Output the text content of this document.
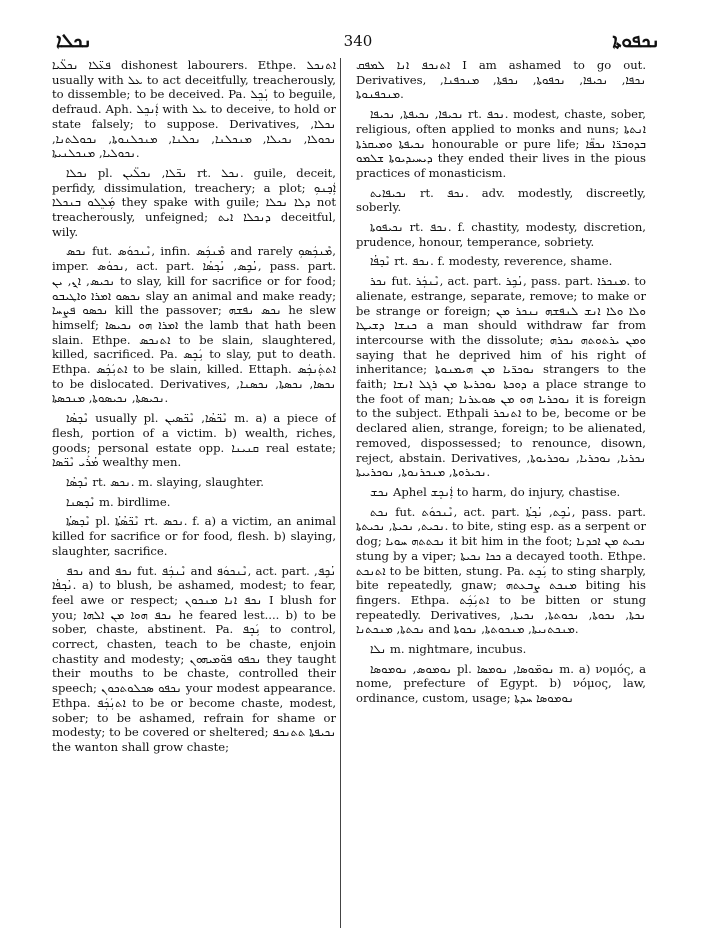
ܢܟܠܐ	340	ܢܟܦܘܬܐ

ܦܥ̈ܠܐ ܢܟܠ̈ܝܐ dishonest labourers. Ethpe. ܐܬܢܟܠ usually with ܥܠ to act deceitfully, treacherously, to dissemble; to be deceived. Pa. ܢܲܟܸܠ to beguile, defraud. Aph. ܐܲܢܟܸܠ with ܥܠ to deceive, to hold or state falsely; to suppose. Derivatives, ܢܟܠܐ, ܢܟܘܠܐ, ܢܟܝܠܐ, ܡܢܟܠܢܐ, ܢܟܠܢܐ, ܡܢܟܠܢܘܬܐ, ܢܟܘܠܬܢܐ, ܢܟܘܠܝܐ, ܡܢܟܠܢܝܬܐ.

ܢܟܠܐ pl. ܢܟ̈ܠܐ, ܢܟܠ̈ܝܢ rt. ܢܟܠ. guile, deceit, perfidy, dissimulation, treachery; a plot; ܐܲܟ̣ܢܘܼ ܡܲܠܸܠܘ ܒܢܟܠܐ they spake with guile; ܕܠܐ ܢܟܠܐ not treacherously, unfeigned; ܕܢܟܠܐ ܐܝܬ deceitful, wily.

ܢܟܣ fut. ܢܶܢܟܘܿܣ, infin. ܡܶܢܟܲܣ and rarely ܡܶܢܟܲܣܘܼ, imper. ܢܟܘܿܣ, act. part. ܢܳܟܹܣ, ܢܳܟ݂ܣܳܐ, pass. part. ܢܟܝܣ, ܐ̱ܢ, ܝܢ to slay, kill for sacrifice or for food; ܢܟܣܘ ܐܡܪܐ ܘܐܛܝܒܘ slay an animal and make ready; ܢܟܣܘ ܦܨܚܐ kill the passover; ܢܟܣ ܢܦܫܗ he slew himself; ܐܡܪܐ ܗܘ ܢܟܝܣܐ the lamb that hath been slain. Ethpe. ܐܬܢܟܣ to be slain, slaughtered, killed, sacrificed. Pa. ܢܲܟܸܣ to slay, put to death. Ethpa. ܐܬܢܲܟܲܣ to be slain, killed. Ettaph. ܐܬܬܲܢܟܲܣ to be dislocated. Derivatives, ܢܟܣܐ, ܢܟܣܬܐ, ܢܟܣܢܐ, ܢܟܝܣܬܐ, ܢܟܝܣܘܬܐ, ܡܢܟܣܬܐ.

ܢܶܟ̣ܣܳܐ usually pl. ܢܶܟ̈ܣܳܐ, ܢܶܟ̈ܣܝܢ m. a) a piece of flesh, portion of a victim. b) wealth, riches, goods; personal estate opp. ܩܢܝܢܐ real estate; ܡܳܪܰܝ ܢܶܟ̈ܣܐ wealthy men.

ܢܶܟ̣ܣܳܐ rt. ܢܟܣ. m. slaying, slaughter.

ܢܶܟ̣ܣܢܐ m. birdlime.

ܢܶܟ̣ܣܬܳܐ pl. ܢܶܟ̈ܣܳܬܳܐ rt. ܢܟܣ. f. a) a victim, an animal killed for sacrifice or for food, flesh. b) slaying, slaughter, sacrifice.

ܢܟܦ and ܢܟܦ fut. ܢܶܢܟܲܦ and ܢܶܢܟܘܿܦ, act. part. ܢܳܟܹܦ, ܢܳܟ݂ܦܳܐ. a) to blush, be ashamed, modest; to fear, feel awe or respect; ܢܟܦ ܐܢܐ ܡܢܟܘܢ I blush for you; ܢܟܦ ܗܘܐ ܡܢ ܐܠܗܐ he feared lest.... b) to be sober, chaste, abstinent. Pa. ܢܲܟܸܦ to control, correct, chasten, teach to be chaste, enjoin chastity and modesty; ܢܟܦܘ ܦܘ̈ܡܝܗܘܢ they taught their mouths to be chaste, controlled their speech; ܢܟܦܘ ܣܟܠܘܬܟܘܢ your modest appearance. Ethpa. ܐܬܢܲܟܲܦ to be or become chaste, modest, sober; to be ashamed, refrain for shame or modesty; to be covered or sheltered; ܢܟܝܦܬܐ ܬܬܢܟܦ the wanton shall grow chaste;

ܐܬܢܟܦ ܐܢܐ ܠܡܦܩ I am ashamed to go out. Derivatives, ܢܟܦܐ, ܢܟܝܦܐ, ܢܟܦܘܬܐ, ܢܟܦܬܐ, ܡܢܟܦܢܐ, ܡܢܟܦܢܘܬܐ.

ܢܟܝܦܐ, ܢܟܝܦܬܐ, ܢܟܝܦܐ rt. ܢܟܦ. modest, chaste, sober, religious, often applied to monks and nuns; ܐܢܬܬܐ ܢܟܝܦܬܐ ܘܡܝܩܪܬܐ honourable or pure life; ܒܕܘܒܪ̈ܐ ܢܟܦ̈ܐ ܕܝܚܝܕܝܘܬܐ ܫܠܡܘ they ended their lives in the pious practices of monasticism.

ܢܟܝܦܐܝܬ rt. ܢܟܦ. adv. modestly, discreetly, soberly.

ܢܟܝܦܘܬܐ rt. ܢܟܦ. f. chastity, modesty, discretion, prudence, honour, temperance, sobriety.

ܢܶܟ̣ܦܳܐ rt. ܢܟܦ. f. modesty, reverence, shame.

ܢܟܪ fut. ܢܶܢܟܲܪ, act. part. ܢܳܟܹܪ, pass. part. ܡܢܟܪܐ. to alienate, estrange, separate, remove; to make or be strange or foreign; ܘܠܐ ܘܠܐ ܐܢܫ ܠܢܦܫܗ ܢܢܟܪ ܡܢ ܟܢܫܐ ܕܫܝܛܐ a man should withdraw far from intercourse with the dissolute; ܘܡܢ ܝܪܬܘܬܗ ܢܟܪܗ saying that he deprived him of his right of inheritance; ܢܘܟܪ̈ܝܐ ܡܢ ܗܝܡܢܘܬܐ strangers to the faith; ܕܘܟܬܐ ܢܘܟܪܝܬܐ ܡܢ ܪܓܠ ܐܢܫܐ a place strange to the foot of man; ܢܘܟܪܝܐ ܗܘ ܡܢ ܣܘܥܪܢܐ it is foreign to the subject. Ethpali ܐܬܢܟܪ to be, become or be declared alien, strange, foreign; to be alienated, removed, dispossessed; to renounce, disown, reject, abstain. Derivatives, ܢܟܪܝܐ, ܢܘܟܪܝܐ, ܢܘܟܪܝܘܬܐ, ܢܟܝܪܘܬܐ, ܡܢܟܪܢܘܬܐ, ܢܘܟܪܝܝܬܐ.

ܢܟܫ Aphel ܐܲܢܟܸܫ to harm, do injury, chastise.

ܢܟܬ fut. ܢܶܢܟܘܿܬ, act. part. ܢܳܟܹܬ, ܢܳܟ݂ܬܳܐ, pass. part. ܢܟܝܬ, ܢܟܝܬܐ, ܢܟܝܬܬܐ. to bite, sting esp. as a serpent or dog; ܢܟܬܬܗ ܚܘܝܐ it bit him in the foot; ܢܟܝܬ ܡܢ ܐܟܕܢܐ stung by a viper; ܟܟܐ ܢܟܝܬܐ a decayed tooth. Ethpe. ܐܬܢܟܬ to be bitten, stung. Pa. ܢܲܟܸܬ to sting sharply, bite repeatedly, gnaw; ܡܢܟܬ ܨܒܥܬܗ biting his fingers. Ethpa. ܐܬܢܲܟܲܬ to be bitten or stung repeatedly. Derivatives, ܢܟܬܐ, ܢܟܘܬܐ, ܢܟܘܬܬܐ, ܢܟܝܬܐ, ܢܟܬܬܐ, ܡܢܟܬܢܐ and ܡܢܟܬܢܝܬܐ, ܡܢܟܘܬܬܐ, ܢܟܘܬܐ.

ܢܠܐ m. nightmare, incubus.

ܢܘܡܘܣ, ܢܘܡܘܣܐ pl. ܢܘܡ̈ܘܣܐ, ܢܘܡܣܐ m. a) νομός, a nome, prefecture of Egypt. b) νόμος, law, ordinance, custom, usage; ܢܘܡܘܣܐ ܚܕܬܐ
